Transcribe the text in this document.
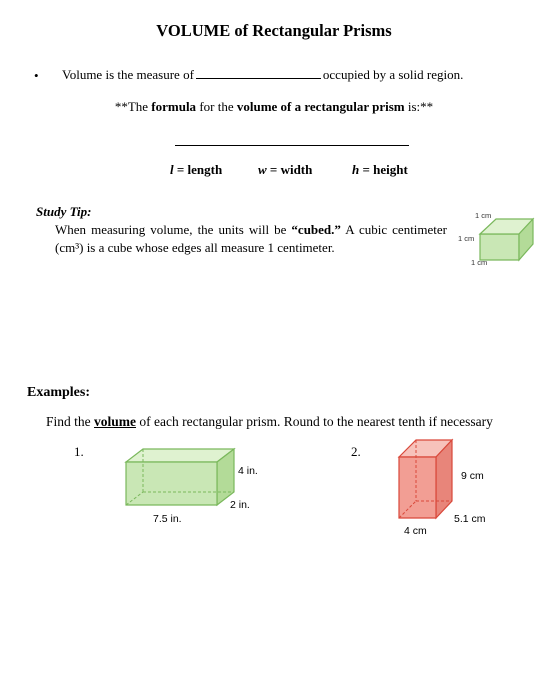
VOLUME of Rectangular Prisms
• Volume is the measure of	occupied by a solid region.
**The formula for the volume of a rectangular prism is:**
l = length	w = width	h = height
Study Tip:
When measuring volume, the units will be “cubed.” A cubic centimeter (cm³) is a cube whose edges all measure 1 centimeter.
1 cm
1 cm
1 cm
Examples:
Find the volume of each rectangular prism. Round to the nearest tenth if necessary
1.
4 in.
2 in.
7.5 in.
2.
9 cm
5.1 cm
4 cm
